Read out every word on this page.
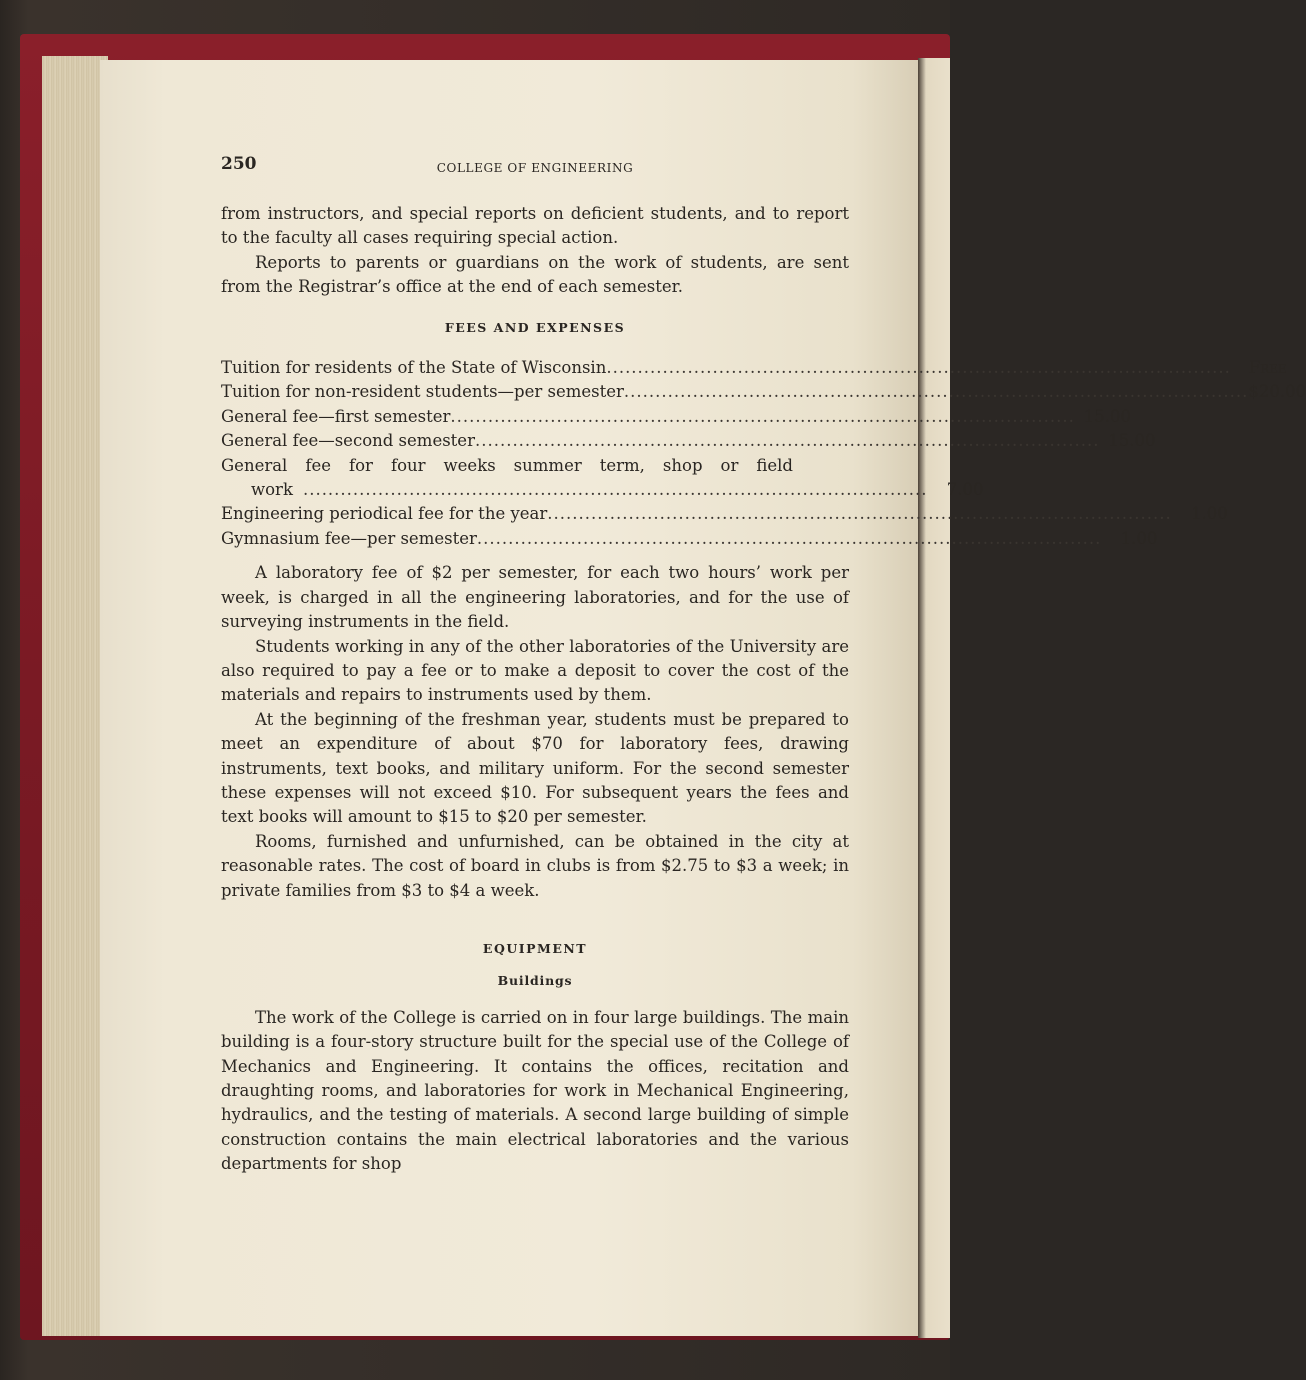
250	COLLEGE OF ENGINEERING

from instructors, and special reports on deficient students, and to report to the faculty all cases requiring special action.

Reports to parents or guardians on the work of students, are sent from the Registrar’s office at the end of each semester.

FEES AND EXPENSES
Tuition for residents of the State of Wisconsin ....................................................................................................	Free
Tuition for non-resident students—per semester .................................................................................................... $20.00
General fee—first semester .................................................................................................... 15.00
General fee—second semester .................................................................................................... 15.00
General fee for four weeks summer term, shop or field
work ....................................................................................................	7.00
Engineering periodical fee for the year ....................................................................................................	1.00
Gymnasium fee—per semester ....................................................................................................	1.00

A laboratory fee of $2 per semester, for each two hours’ work per week, is charged in all the engineering laboratories, and for the use of surveying instruments in the field.

Students working in any of the other laboratories of the University are also required to pay a fee or to make a deposit to cover the cost of the materials and repairs to instruments used by them.

At the beginning of the freshman year, students must be prepared to meet an expenditure of about $70 for laboratory fees, drawing instruments, text books, and military uniform. For the second semester these expenses will not exceed $10. For subsequent years the fees and text books will amount to $15 to $20 per semester.

Rooms, furnished and unfurnished, can be obtained in the city at reasonable rates. The cost of board in clubs is from $2.75 to $3 a week; in private families from $3 to $4 a week.

EQUIPMENT
Buildings

The work of the College is carried on in four large buildings. The main building is a four-story structure built for the special use of the College of Mechanics and Engineering. It contains the offices, recitation and draughting rooms, and laboratories for work in Mechanical Engineering, hydraulics, and the testing of materials. A second large building of simple construction contains the main electrical laboratories and the various departments for shop
